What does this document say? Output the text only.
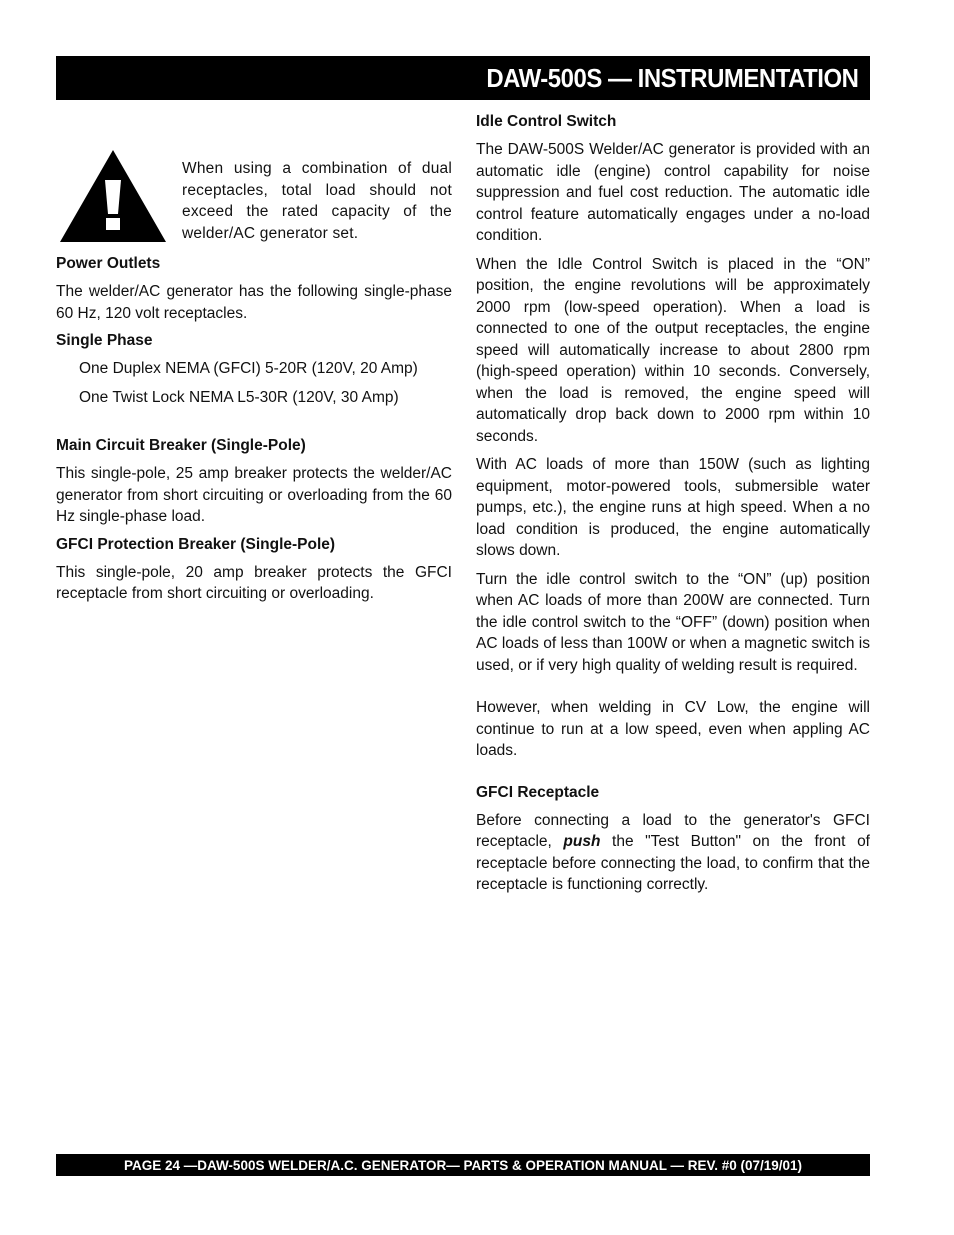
DAW-500S — INSTRUMENTATION
When using a combination of dual receptacles, total load should not exceed the rated capacity of the welder/AC generator set.
Power Outlets

The welder/AC generator has the following single-phase 60 Hz, 120 volt receptacles.

Single Phase
One Duplex NEMA (GFCI) 5-20R (120V, 20 Amp)
One Twist Lock NEMA L5-30R (120V, 30 Amp)
Main Circuit Breaker (Single-Pole)

This single-pole, 25 amp breaker protects the welder/AC generator from short circuiting or overloading from the 60 Hz single-phase load.

GFCI Protection Breaker (Single-Pole)

This single-pole, 20 amp breaker protects the GFCI receptacle from short circuiting or overloading.

Idle Control Switch

The DAW-500S Welder/AC generator is provided with an automatic idle (engine) control capability for noise suppression and fuel cost reduction. The automatic idle control feature automatically engages under a no-load condition.

When the Idle Control Switch is placed in the “ON” position, the engine revolutions will be approximately 2000 rpm (low-speed operation). When a load is connected to one of the output receptacles, the engine speed will automatically increase to about 2800 rpm (high-speed operation) within 10 seconds. Conversely, when the load is removed, the engine speed will automatically drop back down to 2000 rpm within 10 seconds.

With AC loads of more than 150W (such as lighting equipment, motor-powered tools, submersible water pumps, etc.), the engine runs at high speed. When a no load condition is produced, the engine automatically slows down.

Turn the idle control switch to the “ON” (up) position when AC loads of more than 200W are connected. Turn the idle control switch to the “OFF” (down) position when AC loads of less than 100W or when a magnetic switch is used, or if very high quality of welding result is required.

However, when welding in CV Low, the engine will continue to run at a low speed, even when appling AC loads.

GFCI Receptacle

Before connecting a load to the generator's GFCI receptacle, push the "Test Button" on the front of receptacle before connecting the load, to confirm that the receptacle is functioning correctly.

PAGE 24 —DAW-500S WELDER/A.C. GENERATOR— PARTS & OPERATION MANUAL — REV. #0 (07/19/01)
